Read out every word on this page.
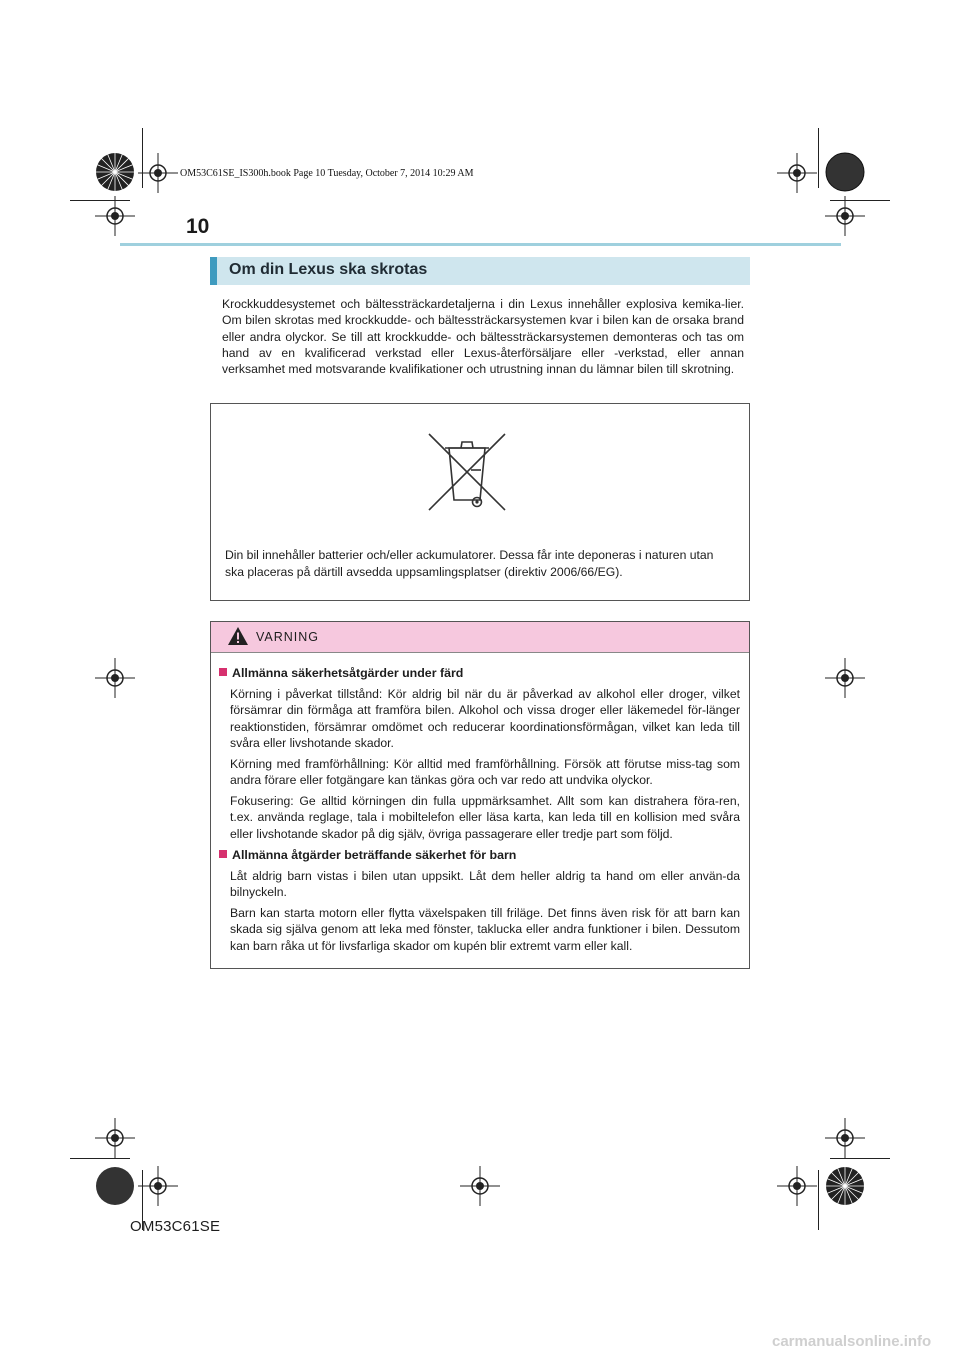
OM53C61SE_IS300h.book Page 10 Tuesday, October 7, 2014 10:29 AM
10
Om din Lexus ska skrotas
Krockkuddesystemet och bältessträckardetaljerna i din Lexus innehåller explosiva kemika-lier. Om bilen skrotas med krockkudde- och bältessträckarsystemen kvar i bilen kan de orsaka brand eller andra olyckor. Se till att krockkudde- och bältessträckarsystemen demonteras och tas om hand av en kvalificerad verkstad eller Lexus-återförsäljare eller -verkstad, eller annan verksamhet med motsvarande kvalifikationer och utrustning innan du lämnar bilen till skrotning.
Din bil innehåller batterier och/eller ackumulatorer. Dessa får inte deponeras i naturen utan ska placeras på därtill avsedda uppsamlingsplatser (direktiv 2006/66/EG).
VARNING
Allmänna säkerhetsåtgärder under färd
Körning i påverkat tillstånd: Kör aldrig bil när du är påverkad av alkohol eller droger, vilket försämrar din förmåga att framföra bilen. Alkohol och vissa droger eller läkemedel för-länger reaktionstiden, försämrar omdömet och reducerar koordinationsförmågan, vilket kan leda till svåra eller livshotande skador.
Körning med framförhållning: Kör alltid med framförhållning. Försök att förutse miss-tag som andra förare eller fotgängare kan tänkas göra och var redo att undvika olyckor.
Fokusering: Ge alltid körningen din fulla uppmärksamhet. Allt som kan distrahera föra-ren, t.ex. använda reglage, tala i mobiltelefon eller läsa karta, kan leda till en kollision med svåra eller livshotande skador på dig själv, övriga passagerare eller tredje part som följd.
Allmänna åtgärder beträffande säkerhet för barn
Låt aldrig barn vistas i bilen utan uppsikt. Låt dem heller aldrig ta hand om eller använ-da bilnyckeln.
Barn kan starta motorn eller flytta växelspaken till friläge. Det finns även risk för att barn kan skada sig själva genom att leka med fönster, taklucka eller andra funktioner i bilen. Dessutom kan barn råka ut för livsfarliga skador om kupén blir extremt varm eller kall.
OM53C61SE
carmanualsonline.info
